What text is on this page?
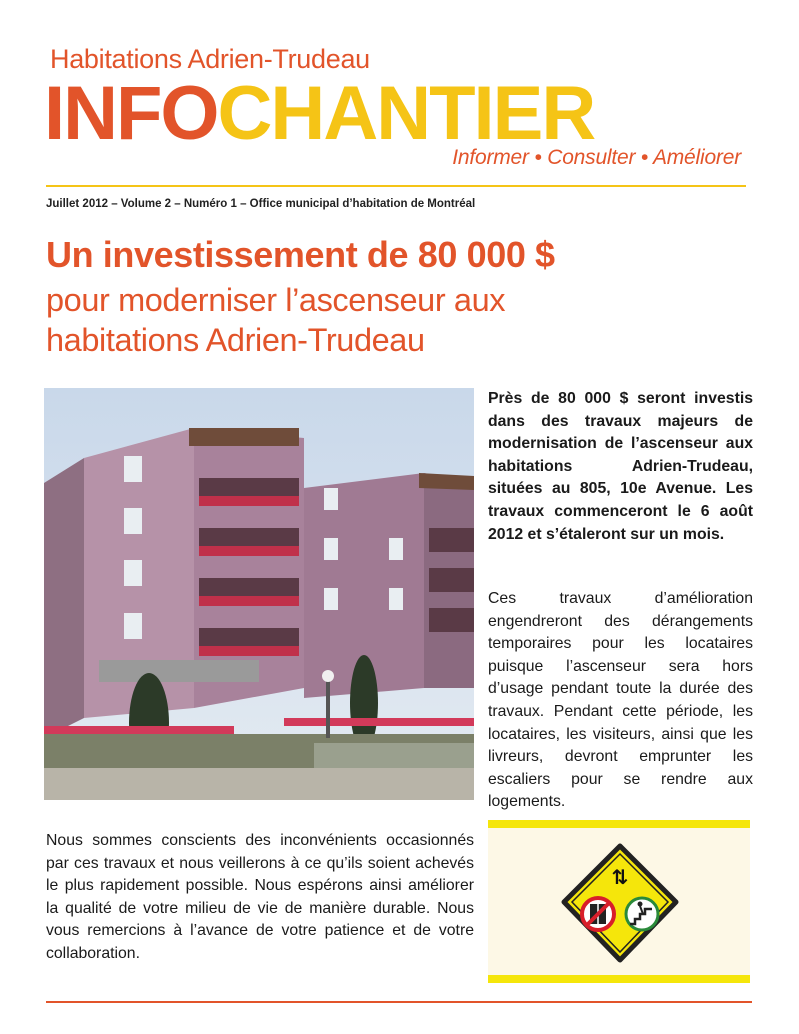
Habitations Adrien-Trudeau
INFOCHANTIER
Informer • Consulter • Améliorer
Juillet 2012 – Volume 2 – Numéro 1 – Office municipal d’habitation de Montréal
Un investissement de 80 000 $
pour moderniser l’ascenseur aux
habitations Adrien-Trudeau
Près de 80 000 $ seront investis dans des travaux majeurs de modernisation de l’ascenseur aux habitations Adrien-Trudeau, situées au 805, 10e Avenue. Les travaux commenceront le 6 août 2012 et s’étaleront sur un mois.
Ces travaux d’amélioration engendreront des dérangements temporaires pour les locataires puisque l’ascenseur sera hors d’usage pendant toute la durée des travaux. Pendant cette période, les locataires, les visiteurs, ainsi que les livreurs, devront emprunter les escaliers pour se rendre aux logements.
Nous sommes conscients des inconvénients occasionnés par ces travaux et nous veillerons à ce qu’ils soient achevés le plus rapidement possible. Nous espérons ainsi améliorer la qualité de votre milieu de vie de manière durable. Nous vous remercions à l’avance de votre patience et de votre collaboration.
⇅
